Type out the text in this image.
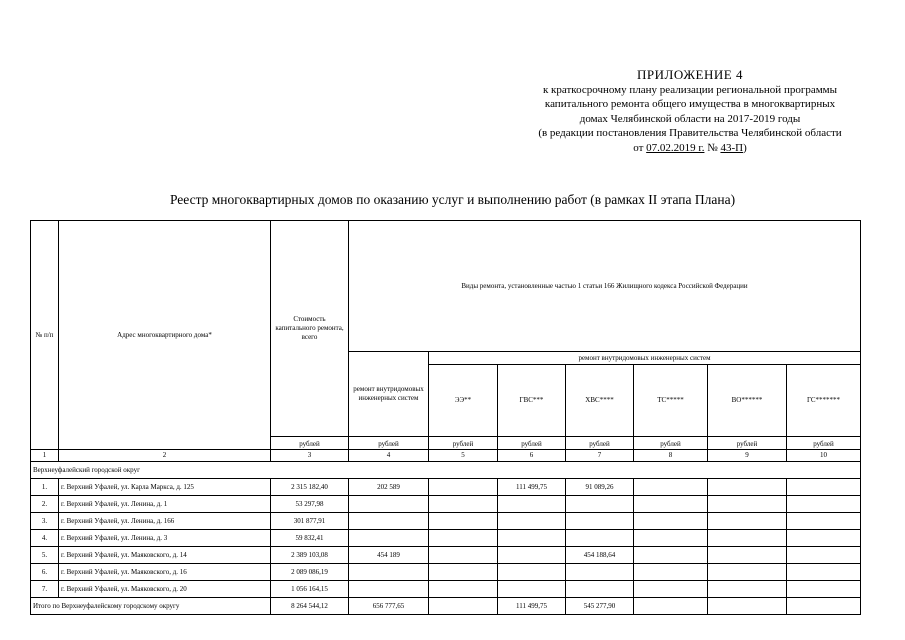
ПРИЛОЖЕНИЕ 4
к краткосрочному плану реализации региональной программы
капитального ремонта общего имущества в многоквартирных
домах Челябинской области на 2017-2019 годы
(в редакции постановления Правительства Челябинской области
от 07.02.2019 г. № 43-П)
Реестр многоквартирных домов по оказанию услуг и выполнению работ (в рамках II этапа Плана)
№ п/п	Адрес многоквартирного дома*	Стоимость капитального ремонта, всего	Виды ремонта, установленные частью 1 статьи 166 Жилищного кодекса Российской Федерации						
			ремонт внутридомовых инженерных систем	ремонт внутридомовых инженерных систем					
				ЭЭ**	ГВС***	ХВС****	ТС*****	ВО******	ГС*******
		рублей	рублей	рублей	рублей	рублей	рублей	рублей	рублей
1	2	3	4	5	6	7	8	9	10
Верхнеуфалейский городской округ									
1.	г. Верхний Уфалей, ул. Карла Маркса, д. 125	2 315 182,40	202 589		111 499,75	91 089,26			
2.	г. Верхний Уфалей, ул. Ленина, д. 1	53 297,98							
3.	г. Верхний Уфалей, ул. Ленина, д. 166	301 877,91							
4.	г. Верхний Уфалей, ул. Ленина, д. 3	59 832,41							
5.	г. Верхний Уфалей, ул. Маяковского, д. 14	2 389 103,08	454 189			454 188,64			
6.	г. Верхний Уфалей, ул. Маяковского, д. 16	2 089 086,19							
7.	г. Верхний Уфалей, ул. Маяковского, д. 20	1 056 164,15							
Итого по Верхнеуфалейскому городскому округу		8 264 544,12	656 777,65		111 499,75	545 277,90			
